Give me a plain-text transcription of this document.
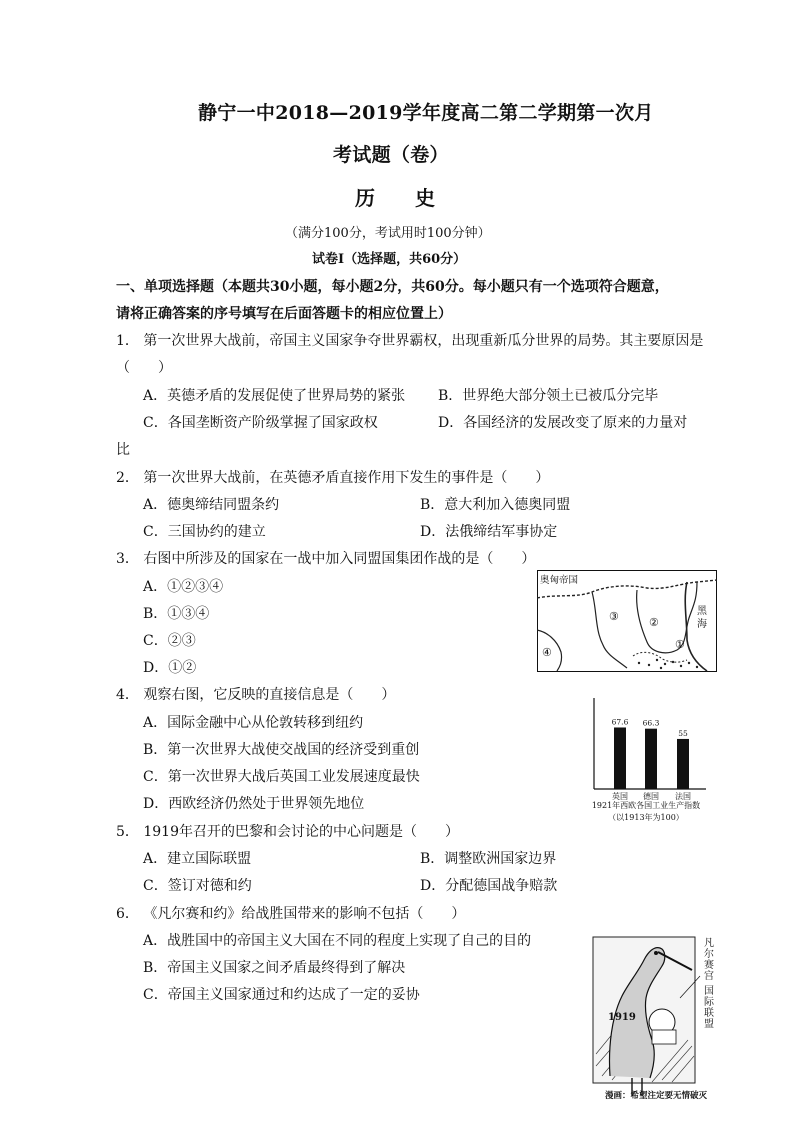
静宁一中2018—2019学年度高二第二学期第一次月
考试题（卷）
历　　史
（满分100分，考试用时100分钟）
试卷Ⅰ（选择题，共60分）
一、单项选择题（本题共30小题，每小题2分，共60分。每小题只有一个选项符合题意，
请将正确答案的序号填写在后面答题卡的相应位置上）
1． 第一次世界大战前，帝国主义国家争夺世界霸权，出现重新瓜分世界的局势。其主要原因是
（　　）
A．英德矛盾的发展促使了世界局势的紧张 B．世界绝大部分领土已被瓜分完毕
C．各国垄断资产阶级掌握了国家政权	D．各国经济的发展改变了原来的力量对
比
2． 第一次世界大战前，在英德矛盾直接作用下发生的事件是（　　）
A．德奥缔结同盟条约	B．意大利加入德奥同盟
C．三国协约的建立	D．法俄缔结军事协定
3． 右图中所涉及的国家在一战中加入同盟国集团作战的是（　　）
A．①②③④
B．①③④
C．②③
D．①②
奥匈帝国
黑
海
③	②
①
④
4． 观察右图，它反映的直接信息是（　　）
A．国际金融中心从伦敦转移到纽约
B．第一次世界大战使交战国的经济受到重创
C．第一次世界大战后英国工业发展速度最快
D．西欧经济仍然处于世界领先地位
67.6
英国
66.3
德国
55
法国
1921年西欧各国工业生产指数
（以1913年为100）
5． 1919年召开的巴黎和会讨论的中心问题是（　　）
A．建立国际联盟	B．调整欧洲国家边界
C．签订对德和约	D．分配德国战争赔款
6． 《凡尔赛和约》给战胜国带来的影响不包括（　　）
A．战胜国中的帝国主义大国在不同的程度上实现了自己的目的
B．帝国主义国家之间矛盾最终得到了解决
C．帝国主义国家通过和约达成了一定的妥协
1919
凡尔赛宫
国际联盟
漫画：希望注定要无情破灭
